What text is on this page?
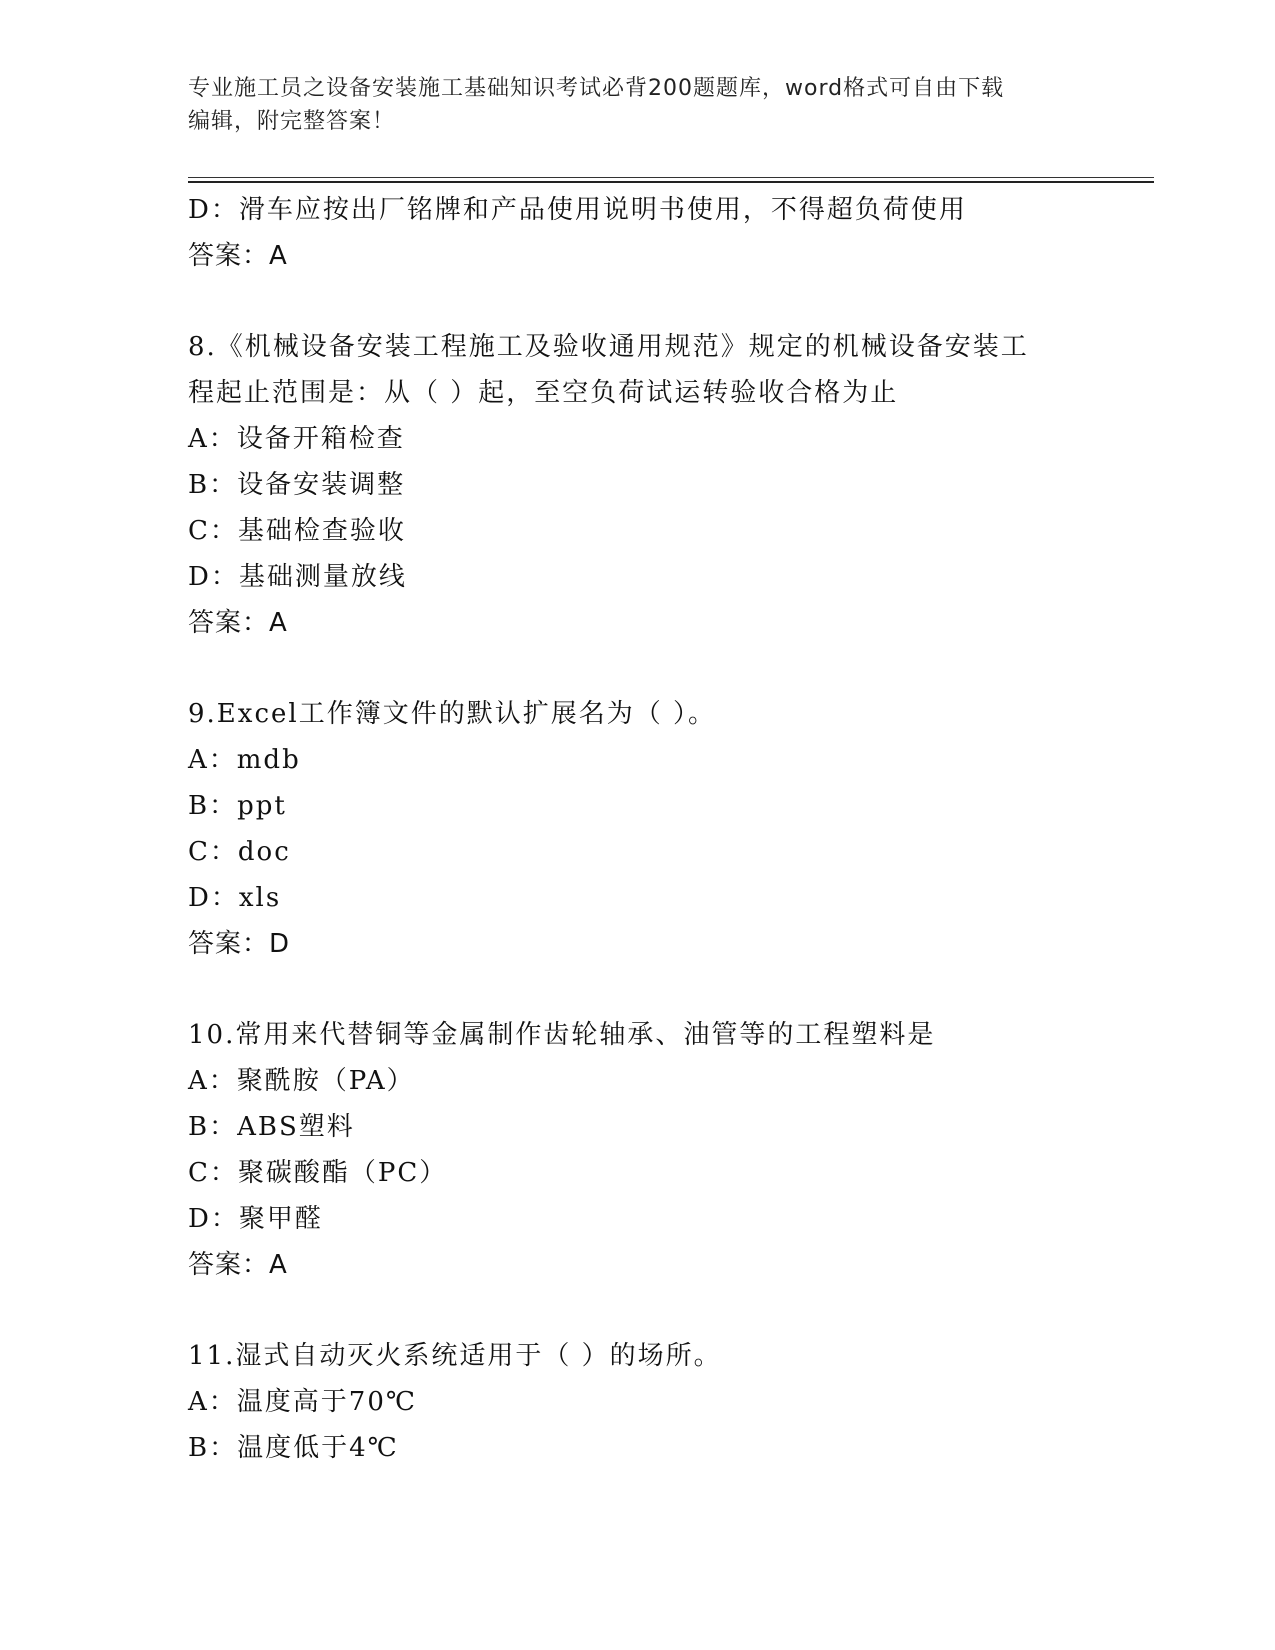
专业施工员之设备安装施工基础知识考试必背200题题库，word格式可自由下载
编辑，附完整答案！
D：滑车应按出厂铭牌和产品使用说明书使用，不得超负荷使用
答案：A
8.《机械设备安装工程施工及验收通用规范》规定的机械设备安装工
程起止范围是：从（ ）起，至空负荷试运转验收合格为止
A：设备开箱检查
B：设备安装调整
C：基础检查验收
D：基础测量放线
答案：A
9.Excel工作簿文件的默认扩展名为（ ）。
A：mdb
B：ppt
C：doc
D：xls
答案：D
10.常用来代替铜等金属制作齿轮轴承、油管等的工程塑料是
A：聚酰胺（PA）
B：ABS塑料
C：聚碳酸酯（PC）
D：聚甲醛
答案：A
11.湿式自动灭火系统适用于（ ）的场所。
A：温度高于70℃
B：温度低于4℃
